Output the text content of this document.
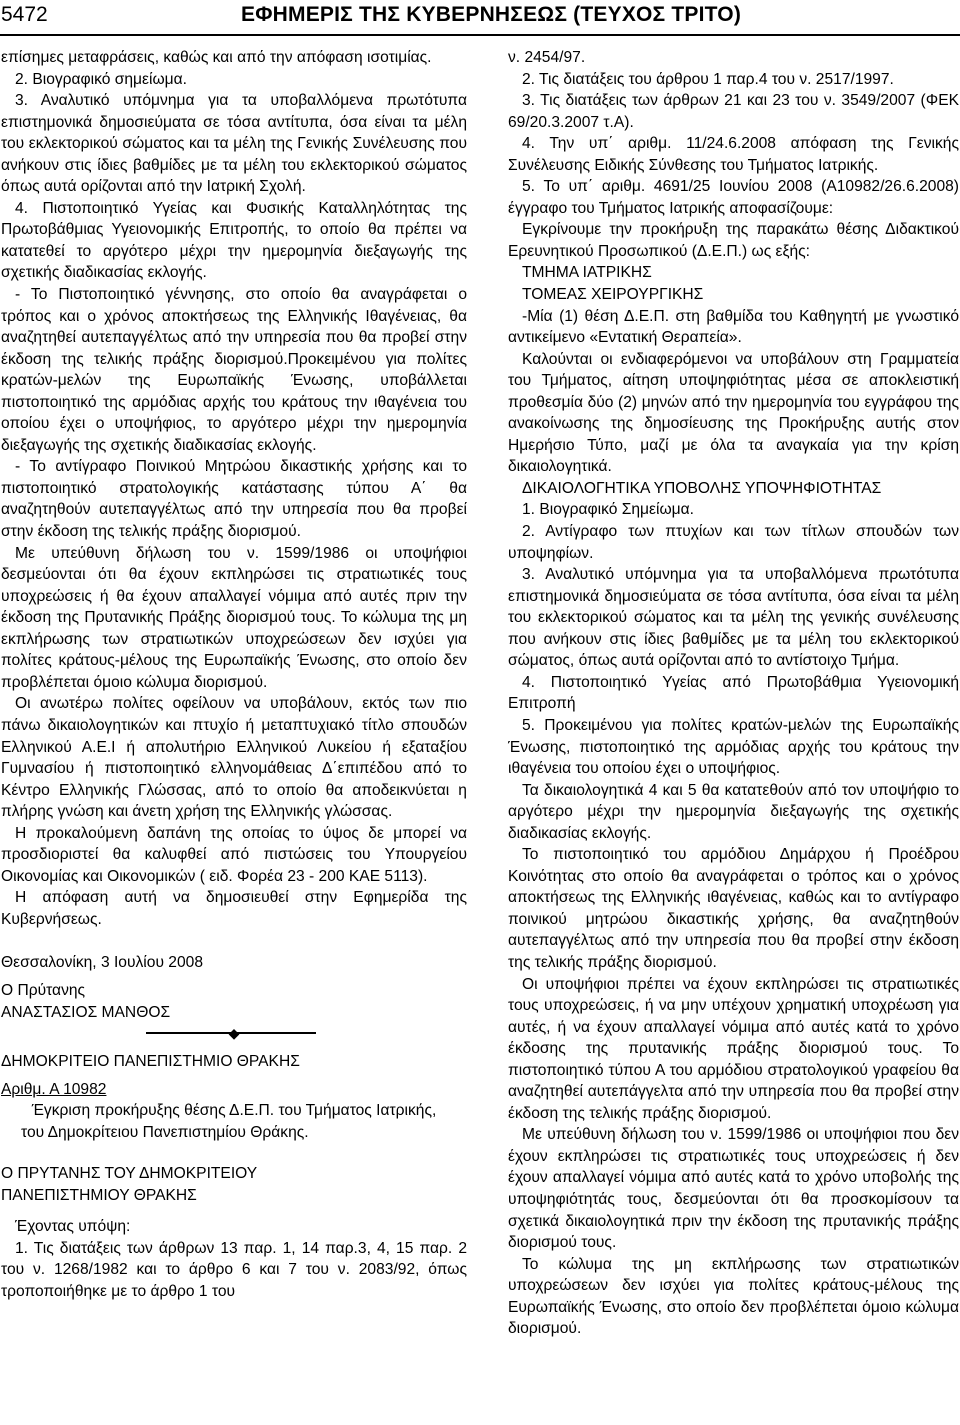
5472	ΕΦΗΜΕΡΙΣ ΤΗΣ ΚΥΒΕΡΝΗΣΕΩΣ (ΤΕΥΧΟΣ ΤΡΙΤΟ)

επίσημες μεταφράσεις, καθώς και από την απόφαση ισοτιμίας.

2. Βιογραφικό σημείωμα.

3. Αναλυτικό υπόμνημα για τα υποβαλλόμενα πρωτότυπα επιστημονικά δημοσιεύματα σε τόσα αντίτυπα, όσα είναι τα μέλη του εκλεκτορικού σώματος και τα μέλη της Γενικής Συνέλευσης που ανήκουν στις ίδιες βαθμίδες με τα μέλη του εκλεκτορικού σώματος όπως αυτά ορίζονται από την Ιατρική Σχολή.

4. Πιστοποιητικό Υγείας και Φυσικής Καταλληλότητας της Πρωτοβάθμιας Υγειονομικής Επιτροπής, το οποίο θα πρέπει να κατατεθεί το αργότερο μέχρι την ημερομηνία διεξαγωγής της σχετικής διαδικασίας εκλογής.

- Το Πιστοποιητικό γέννησης, στο οποίο θα αναγράφεται ο τρόπος και ο χρόνος αποκτήσεως της Ελληνικής Ιθαγένειας, θα αναζητηθεί αυτεπαγγέλτως από την υπηρεσία που θα προβεί στην έκδοση της τελικής πράξης διορισμού.Προκειμένου για πολίτες κρατών-μελών της Ευρωπαϊκής Ένωσης, υποβάλλεται πιστοποιητικό της αρμόδιας αρχής του κράτους την ιθαγένεια του οποίου έχει ο υποψήφιος, το αργότερο μέχρι την ημερομηνία διεξαγωγής της σχετικής διαδικασίας εκλογής.

- Το αντίγραφο Ποινικού Μητρώου δικαστικής χρήσης και το πιστοποιητικό στρατολογικής κατάστασης τύπου Α΄ θα αναζητηθούν αυτεπαγγέλτως από την υπηρεσία που θα προβεί στην έκδοση της τελικής πράξης διορισμού.

Με υπεύθυνη δήλωση του ν. 1599/1986 οι υποψήφιοι δεσμεύονται ότι θα έχουν εκπληρώσει τις στρατιωτικές τους υποχρεώσεις ή θα έχουν απαλλαγεί νόμιμα από αυτές πριν την έκδοση της Πρυτανικής Πράξης διορισμού τους. Το κώλυμα της μη εκπλήρωσης των στρατιωτικών υποχρεώσεων δεν ισχύει για πολίτες κράτους-μέλους της Ευρωπαϊκής Ένωσης, στο οποίο δεν προβλέπεται όμοιο κώλυμα διορισμού.

Οι ανωτέρω πολίτες οφείλουν να υποβάλουν, εκτός των πιο πάνω δικαιολογητικών και πτυχίο ή μεταπτυχιακό τίτλο σπουδών Ελληνικού Α.Ε.Ι ή απολυτήριο Ελληνικού Λυκείου ή εξαταξίου Γυμνασίου ή πιστοποιητικό ελληνομάθειας Δ΄επιπέδου από το Κέντρο Ελληνικής Γλώσσας, από το οποίο θα αποδεικνύεται η πλήρης γνώση και άνετη χρήση της Ελληνικής γλώσσας.

Η προκαλούμενη δαπάνη της οποίας το ύψος δε μπορεί να προσδιοριστεί θα καλυφθεί από πιστώσεις του Υπουργείου Οικονομίας και Οικονομικών ( ειδ. Φορέα 23 - 200 ΚΑΕ 5113).

Η απόφαση αυτή να δημοσιευθεί στην Εφημερίδα της Κυβερνήσεως.

Θεσσαλονίκη, 3 Ιουλίου 2008

Ο Πρύτανης

ΑΝΑΣΤΑΣΙΟΣ ΜΑΝΘΟΣ

◆

ΔΗΜΟΚΡΙΤΕΙΟ ΠΑΝΕΠΙΣΤΗΜΙΟ ΘΡΑΚΗΣ

Αριθμ. Α 10982

Έγκριση προκήρυξης θέσης Δ.Ε.Π. του Τμήματος Ιατρικής, του Δημοκρίτειου Πανεπιστημίου Θράκης.

Ο ΠΡΥΤΑΝΗΣ ΤΟΥ ΔΗΜΟΚΡΙΤΕΙΟΥ

ΠΑΝΕΠΙΣΤΗΜΙΟΥ ΘΡΑΚΗΣ

Έχοντας υπόψη:

1. Τις διατάξεις των άρθρων 13 παρ. 1, 14 παρ.3, 4, 15 παρ. 2 του ν. 1268/1982 και το άρθρο 6 και 7 του ν. 2083/92, όπως τροποποιήθηκε με το άρθρο 1 του

ν. 2454/97.

2. Τις διατάξεις του άρθρου 1 παρ.4 του ν. 2517/1997.

3. Τις διατάξεις των άρθρων 21 και 23 του ν. 3549/2007 (ΦΕΚ 69/20.3.2007 τ.Α).

4. Την υπ΄ αριθμ. 11/24.6.2008 απόφαση της Γενικής Συνέλευσης Ειδικής Σύνθεσης του Τμήματος Ιατρικής.

5. Το υπ΄ αριθμ. 4691/25 Ιουνίου 2008 (Α10982/26.6.2008) έγγραφο του Τμήματος Ιατρικής αποφασίζουμε:

Εγκρίνουμε την προκήρυξη της παρακάτω θέσης Διδακτικού Ερευνητικού Προσωπικού (Δ.Ε.Π.) ως εξής:

ΤΜΗΜΑ ΙΑΤΡΙΚΗΣ

ΤΟΜΕΑΣ ΧΕΙΡΟΥΡΓΙΚΗΣ

-Μία (1) θέση Δ.Ε.Π. στη βαθμίδα του Καθηγητή με γνωστικό αντικείμενο «Εντατική Θεραπεία».

Καλούνται οι ενδιαφερόμενοι να υποβάλουν στη Γραμματεία του Τμήματος, αίτηση υποψηφιότητας μέσα σε αποκλειστική προθεσμία δύο (2) μηνών από την ημερομηνία του εγγράφου της ανακοίνωσης της δημοσίευσης της Προκήρυξης αυτής στον Ημερήσιο Τύπο, μαζί με όλα τα αναγκαία για την κρίση δικαιολογητικά.

ΔΙΚΑΙΟΛΟΓΗΤΙΚΑ ΥΠΟΒΟΛΗΣ ΥΠΟΨΗΦΙΟΤΗΤΑΣ

1. Βιογραφικό Σημείωμα.

2. Αντίγραφο των πτυχίων και των τίτλων σπουδών των υποψηφίων.

3. Αναλυτικό υπόμνημα για τα υποβαλλόμενα πρωτότυπα επιστημονικά δημοσιεύματα σε τόσα αντίτυπα, όσα είναι τα μέλη του εκλεκτορικού σώματος και τα μέλη της γενικής συνέλευσης που ανήκουν στις ίδιες βαθμίδες με τα μέλη του εκλεκτορικού σώματος, όπως αυτά ορίζονται από το αντίστοιχο Τμήμα.

4. Πιστοποιητικό Υγείας από Πρωτοβάθμια Υγειονομική Επιτροπή

5. Προκειμένου για πολίτες κρατών-μελών της Ευρωπαϊκής Ένωσης, πιστοποιητικό της αρμόδιας αρχής του κράτους την ιθαγένεια του οποίου έχει ο υποψήφιος.

Τα δικαιολογητικά 4 και 5 θα κατατεθούν από τον υποψήφιο το αργότερο μέχρι την ημερομηνία διεξαγωγής της σχετικής διαδικασίας εκλογής.

Το πιστοποιητικό του αρμόδιου Δημάρχου ή Προέδρου Κοινότητας στο οποίο θα αναγράφεται ο τρόπος και ο χρόνος αποκτήσεως της Ελληνικής ιθαγένειας, καθώς και το αντίγραφο ποινικού μητρώου δικαστικής χρήσης, θα αναζητηθούν αυτεπαγγέλτως από την υπηρεσία που θα προβεί στην έκδοση της τελικής πράξης διορισμού.

Οι υποψήφιοι πρέπει να έχουν εκπληρώσει τις στρατιωτικές τους υποχρεώσεις, ή να μην υπέχουν χρηματική υποχρέωση για αυτές, ή να έχουν απαλλαγεί νόμιμα από αυτές κατά το χρόνο έκδοσης της πρυτανικής πράξης διορισμού τους. Το πιστοποιητικό τύπου Α του αρμόδιου στρατολογικού γραφείου θα αναζητηθεί αυτεπάγγελτα από την υπηρεσία που θα προβεί στην έκδοση της τελικής πράξης διορισμού.

Με υπεύθυνη δήλωση του ν. 1599/1986 οι υποψήφιοι που δεν έχουν εκπληρώσει τις στρατιωτικές τους υποχρεώσεις ή δεν έχουν απαλλαγεί νόμιμα από αυτές κατά το χρόνο υποβολής της υποψηφιότητάς τους, δεσμεύονται ότι θα προσκομίσουν τα σχετικά δικαιολογητικά πριν την έκδοση της πρυτανικής πράξης διορισμού τους.

Το κώλυμα της μη εκπλήρωσης των στρατιωτικών υποχρεώσεων δεν ισχύει για πολίτες κράτους-μέλους της Ευρωπαϊκής Ένωσης, στο οποίο δεν προβλέπεται όμοιο κώλυμα διορισμού.
